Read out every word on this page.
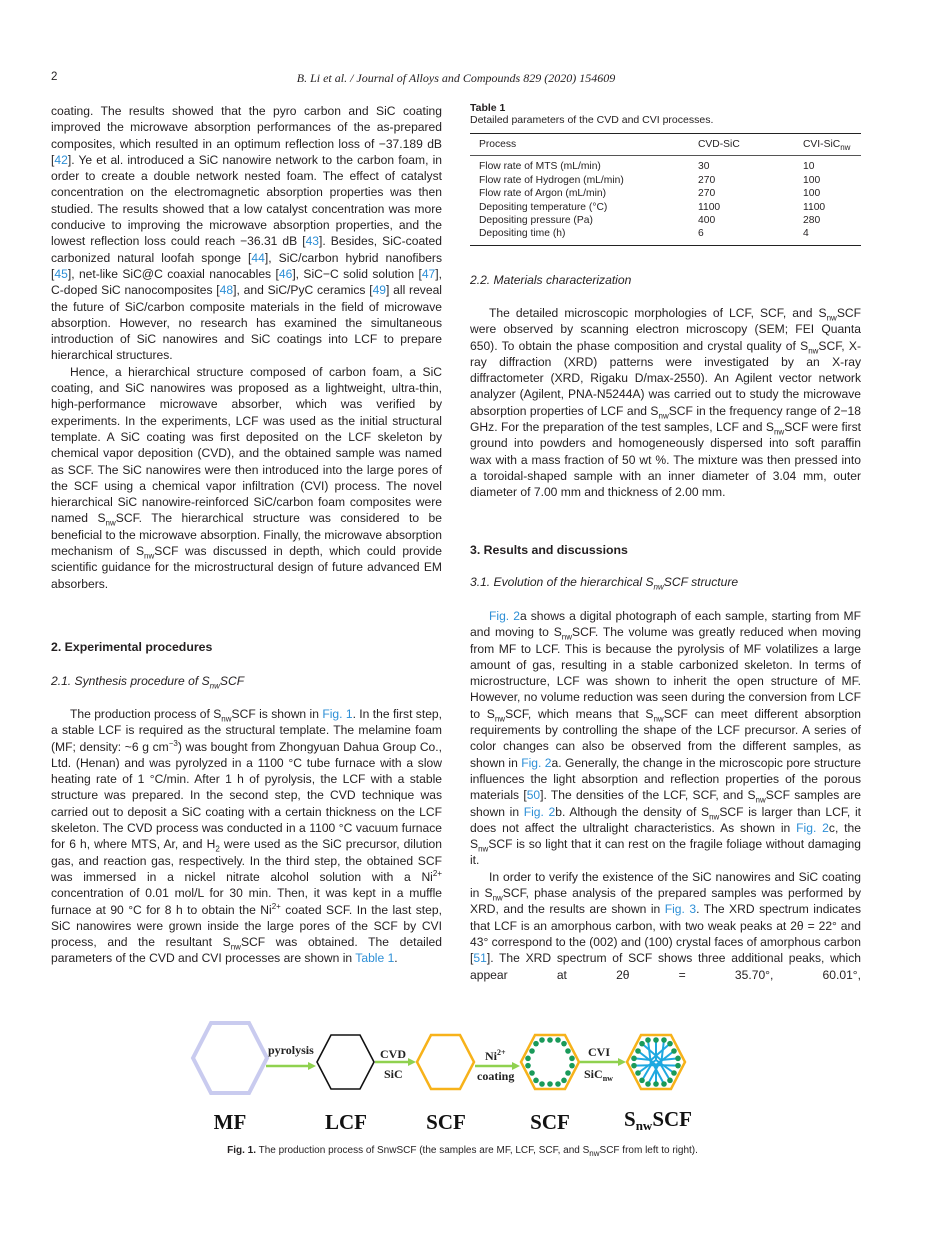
2	B. Li et al. / Journal of Alloys and Compounds 829 (2020) 154609

coating. The results showed that the pyro carbon and SiC coating improved the microwave absorption performances of the as-prepared composites, which resulted in an optimum reflection loss of −37.189 dB [42]. Ye et al. introduced a SiC nanowire network to the carbon foam, in order to create a double network nested foam. The effect of catalyst concentration on the electromagnetic absorption properties was then studied. The results showed that a low catalyst concentration was more conducive to improving the microwave absorption properties, and the lowest reflection loss could reach −36.31 dB [43]. Besides, SiC-coated carbonized natural loofah sponge [44], SiC/carbon hybrid nanofibers [45], net-like SiC@C coaxial nanocables [46], SiC−C solid solution [47], C-doped SiC nanocomposites [48], and SiC/PyC ceramics [49] all reveal the future of SiC/carbon composite materials in the field of microwave absorption. However, no research has examined the simultaneous introduction of SiC nanowires and SiC coatings into LCF to prepare hierarchical structures.

Hence, a hierarchical structure composed of carbon foam, a SiC coating, and SiC nanowires was proposed as a lightweight, ultra-thin, high-performance microwave absorber, which was verified by experiments. In the experiments, LCF was used as the initial structural template. A SiC coating was first deposited on the LCF skeleton by chemical vapor deposition (CVD), and the obtained sample was named as SCF. The SiC nanowires were then introduced into the large pores of the SCF using a chemical vapor infiltration (CVI) process. The novel hierarchical SiC nanowire-reinforced SiC/carbon foam composites were named $S_{nw}SCF$. The hierarchical structure was considered to be beneficial to the microwave absorption. Finally, the microwave absorption mechanism of $S_{nw}SCF$ was discussed in depth, which could provide scientific guidance for the microstructural design of future advanced EM absorbers.

2. Experimental procedures
2.1. Synthesis procedure of $S_{nw}SCF$

The production process of $S_{nw}SCF$ is shown in Fig. 1. In the first step, a stable LCF is required as the structural template. The melamine foam (MF; density: ~6 g $cm^{-3}$) was bought from Zhongyuan Dahua Group Co., Ltd. (Henan) and was pyrolyzed in a 1100 °C tube furnace with a slow heating rate of 1 °C/min. After 1 h of pyrolysis, the LCF with a stable structure was prepared. In the second step, the CVD technique was carried out to deposit a SiC coating with a certain thickness on the LCF skeleton. The CVD process was conducted in a 1100 °C vacuum furnace for 6 h, where MTS, Ar, and $H_2$ were used as the SiC precursor, dilution gas, and reaction gas, respectively. In the third step, the obtained SCF was immersed in a nickel nitrate alcohol solution with a $Ni^{2+}$ concentration of 0.01 mol/L for 30 min. Then, it was kept in a muffle furnace at 90 °C for 8 h to obtain the $Ni^{2+}$ coated SCF. In the last step, SiC nanowires were grown inside the large pores of the SCF by CVI process, and the resultant $S_{nw}SCF$ was obtained. The detailed parameters of the CVD and CVI processes are shown in Table 1.

Table 1
Detailed parameters of the CVD and CVI processes.
Process	CVD-SiC	CVI-SiC$_{nw}$
Flow rate of MTS (mL/min)	30	10
Flow rate of Hydrogen (mL/min)	270	100
Flow rate of Argon (mL/min)	270	100
Depositing temperature (°C)	1100	1100
Depositing pressure (Pa)	400	280
Depositing time (h)	6	4
2.2. Materials characterization

The detailed microscopic morphologies of LCF, SCF, and $S_{nw}SCF$ were observed by scanning electron microscopy (SEM; FEI Quanta 650). To obtain the phase composition and crystal quality of $S_{nw}SCF$, X-ray diffraction (XRD) patterns were investigated by an X-ray diffractometer (XRD, Rigaku D/max-2550). An Agilent vector network analyzer (Agilent, PNA-N5244A) was carried out to study the microwave absorption properties of LCF and $S_{nw}SCF$ in the frequency range of 2−18 GHz. For the preparation of the test samples, LCF and $S_{nw}SCF$ were first ground into powders and homogeneously dispersed into soft paraffin wax with a mass fraction of 50 wt %. The mixture was then pressed into a toroidal-shaped sample with an inner diameter of 3.04 mm, outer diameter of 7.00 mm and thickness of 2.00 mm.

3. Results and discussions
3.1. Evolution of the hierarchical $S_{nw}SCF$ structure

Fig. 2a shows a digital photograph of each sample, starting from MF and moving to $S_{nw}SCF$. The volume was greatly reduced when moving from MF to LCF. This is because the pyrolysis of MF volatilizes a large amount of gas, resulting in a stable carbonized skeleton. In terms of microstructure, LCF was shown to inherit the open structure of MF. However, no volume reduction was seen during the conversion from LCF to $S_{nw}SCF$, which means that $S_{nw}SCF$ can meet different absorption requirements by controlling the shape of the LCF precursor. A series of color changes can also be observed from the different samples, as shown in Fig. 2a. Generally, the change in the microscopic pore structure influences the light absorption and reflection properties of the porous materials [50]. The densities of the LCF, SCF, and $S_{nw}SCF$ samples are shown in Fig. 2b. Although the density of $S_{nw}SCF$ is larger than LCF, it does not affect the ultralight characteristics. As shown in Fig. 2c, the $S_{nw}SCF$ is so light that it can rest on the fragile foliage without damaging it.

In order to verify the existence of the SiC nanowires and SiC coating in $S_{nw}SCF$, phase analysis of the prepared samples was performed by XRD, and the results are shown in Fig. 3. The XRD spectrum indicates that LCF is an amorphous carbon, with two weak peaks at 2θ = 22° and 43° correspond to the (002) and (100) crystal faces of amorphous carbon [51]. The XRD spectrum of SCF shows three additional peaks, which appear at 2θ = 35.70°, 60.01°,

pyrolysis	CVD
SiC
$Ni^{2+}$
coating
CVI
SiC$_{nw}$
MF	LCF	SCF	SCF	SnwSCF
Fig. 1. The production process of SnwSCF (the samples are MF, LCF, SCF, and $S_{nw}SCF$ from left to right).
